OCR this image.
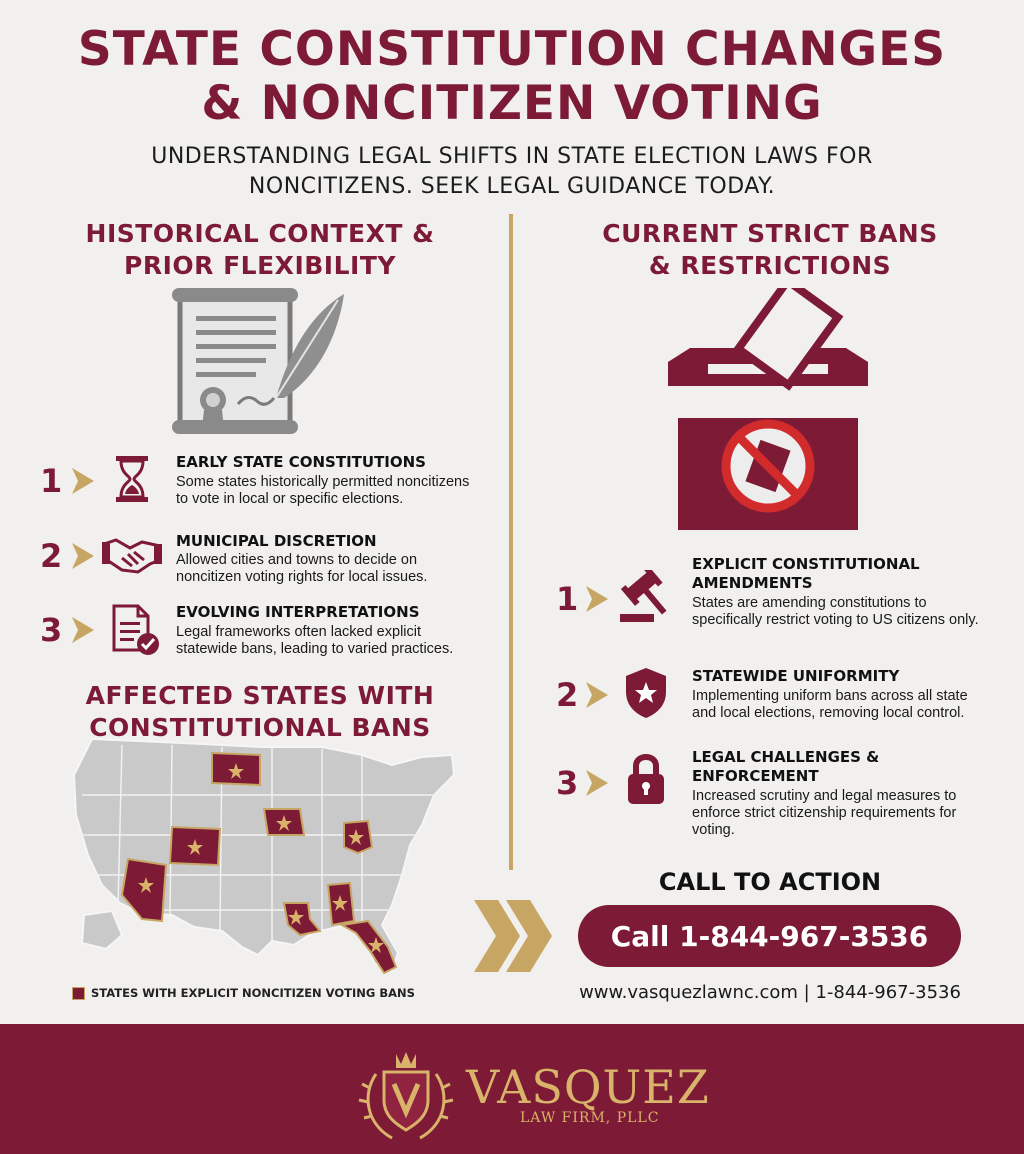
STATE CONSTITUTION CHANGES
& NONCITIZEN VOTING
UNDERSTANDING LEGAL SHIFTS IN STATE ELECTION LAWS FOR
NONCITIZENS. SEEK LEGAL GUIDANCE TODAY.
HISTORICAL CONTEXT &
PRIOR FLEXIBILITY
1	EARLY STATE CONSTITUTIONS
Some states historically permitted noncitizens to vote in local or specific elections.
2	MUNICIPAL DISCRETION
Allowed cities and towns to decide on noncitizen voting rights for local issues.
3	EVOLVING INTERPRETATIONS
Legal frameworks often lacked explicit statewide bans, leading to varied practices.
AFFECTED STATES WITH
CONSTITUTIONAL BANS
STATES WITH EXPLICIT NONCITIZEN VOTING BANS
CURRENT STRICT BANS
& RESTRICTIONS
1
EXPLICIT CONSTITUTIONAL AMENDMENTS
States are amending constitutions to specifically restrict voting to US citizens only.
2	STATEWIDE UNIFORMITY
Implementing uniform bans across all state and local elections, removing local control.
3
LEGAL CHALLENGES & ENFORCEMENT
Increased scrutiny and legal measures to enforce strict citizenship requirements for voting.
CALL TO ACTION
Call 1-844-967-3536
www.vasquezlawnc.com | 1-844-967-3536
VASQUEZ
LAW FIRM, PLLC
